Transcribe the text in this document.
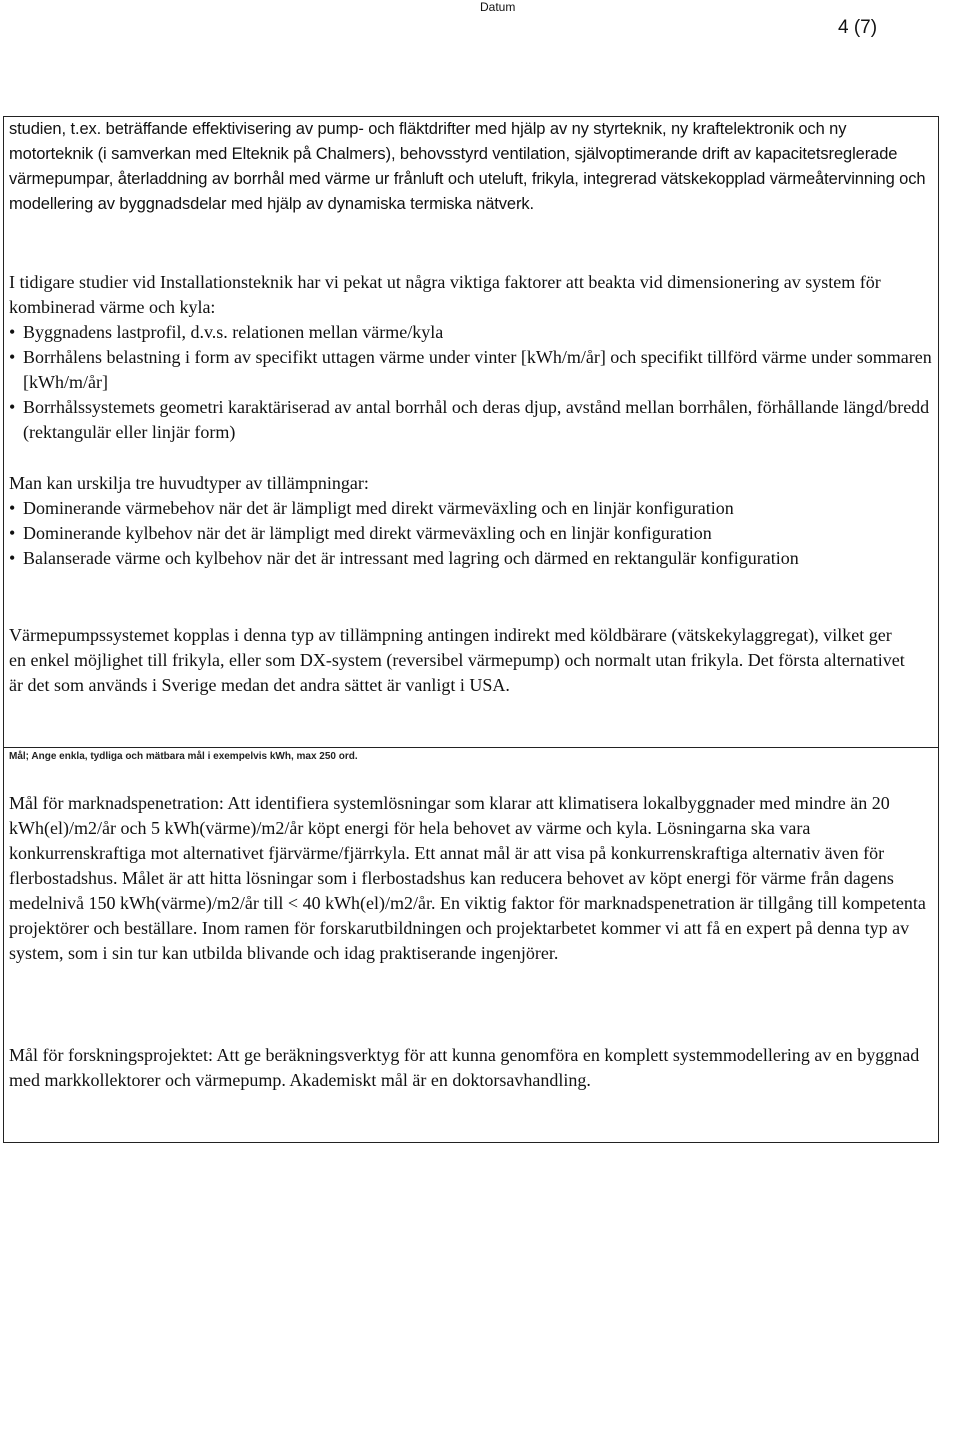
Datum
4 (7)

studien, t.ex. beträffande effektivisering av pump- och fläktdrifter med hjälp av ny styrteknik, ny kraftelektronik och ny motorteknik (i samverkan med Elteknik på Chalmers), behovsstyrd ventilation, självoptimerande drift av kapacitetsreglerade värmepumpar, återladdning av borrhål med värme ur frånluft och uteluft, frikyla, integrerad vätskekopplad värmeåtervinning och modellering av byggnadsdelar med hjälp av dynamiska termiska nätverk.

I tidigare studier vid Installationsteknik har vi pekat ut några viktiga faktorer att beakta vid dimensionering av system för kombinerad värme och kyla:

• Byggnadens lastprofil, d.v.s. relationen mellan värme/kyla
• Borrhålens belastning i form av specifikt uttagen värme under vinter [kWh/m/år] och specifikt tillförd värme under sommaren [kWh/m/år]
• Borrhålssystemets geometri karaktäriserad av antal borrhål och deras djup, avstånd mellan borrhålen, förhållande längd/bredd (rektangulär eller linjär form)

Man kan urskilja tre huvudtyper av tillämpningar:

• Dominerande värmebehov när det är lämpligt med direkt värmeväxling och en linjär konfiguration
• Dominerande kylbehov när det är lämpligt med direkt värmeväxling och en linjär konfiguration
• Balanserade värme och kylbehov när det är intressant med lagring och därmed en rektangulär konfiguration

Värmepumpssystemet kopplas i denna typ av tillämpning antingen indirekt med köldbärare (vätskekylaggregat), vilket ger en enkel möjlighet till frikyla, eller som DX-system (reversibel värmepump) och normalt utan frikyla. Det första alternativet är det som används i Sverige medan det andra sättet är vanligt i USA.

Mål; Ange enkla, tydliga och mätbara mål i exempelvis kWh, max 250 ord.

Mål för marknadspenetration: Att identifiera systemlösningar som klarar att klimatisera lokalbyggnader med mindre än 20 kWh(el)/m2/år och 5 kWh(värme)/m2/år köpt energi för hela behovet av värme och kyla. Lösningarna ska vara konkurrenskraftiga mot alternativet fjärvärme/fjärrkyla. Ett annat mål är att visa på konkurrenskraftiga alternativ även för flerbostadshus. Målet är att hitta lösningar som i flerbostadshus kan reducera behovet av köpt energi för värme från dagens medelnivå 150 kWh(värme)/m2/år till < 40 kWh(el)/m2/år. En viktig faktor för marknadspenetration är tillgång till kompetenta projektörer och beställare. Inom ramen för forskarutbildningen och projektarbetet kommer vi att få en expert på denna typ av system, som i sin tur kan utbilda blivande och idag praktiserande ingenjörer.

Mål för forskningsprojektet: Att ge beräkningsverktyg för att kunna genomföra en komplett systemmodellering av en byggnad med markkollektorer och värmepump. Akademiskt mål är en doktorsavhandling.
